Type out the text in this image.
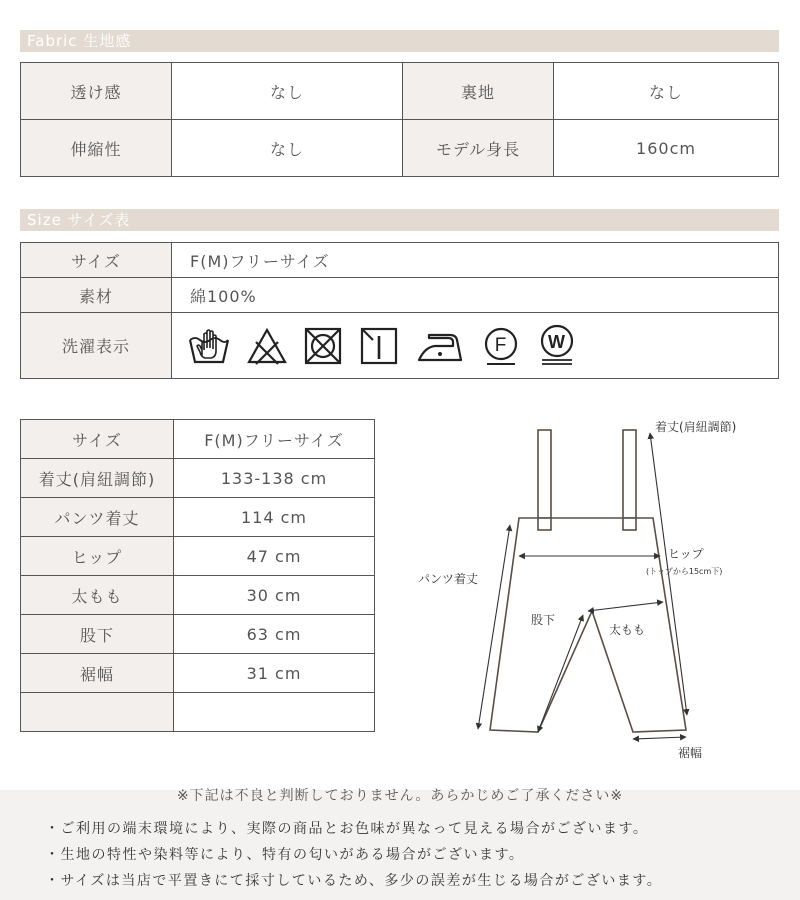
Fabric 生地感
透け感	なし	裏地	なし
伸縮性	なし	モデル身長	160cm
Size サイズ表
サイズ	F(M)フリーサイズ
素材	綿100%
洗濯表示	F W
サイズ	F(M)フリーサイズ
着丈(肩紐調節)	133-138 cm
パンツ着丈	114 cm
ヒップ	47 cm
太もも	30 cm
股下	63 cm
裾幅	31 cm

着丈(肩紐調節)
パンツ着丈
ヒップ
(トップから15cm下)
股下
太もも
裾幅
※下記は不良と判断しておりません。あらかじめご了承ください※
・ご利用の端末環境により、実際の商品とお色味が異なって見える場合がございます。
・生地の特性や染料等により、特有の匂いがある場合がございます。
・サイズは当店で平置きにて採寸しているため、多少の誤差が生じる場合がございます。
